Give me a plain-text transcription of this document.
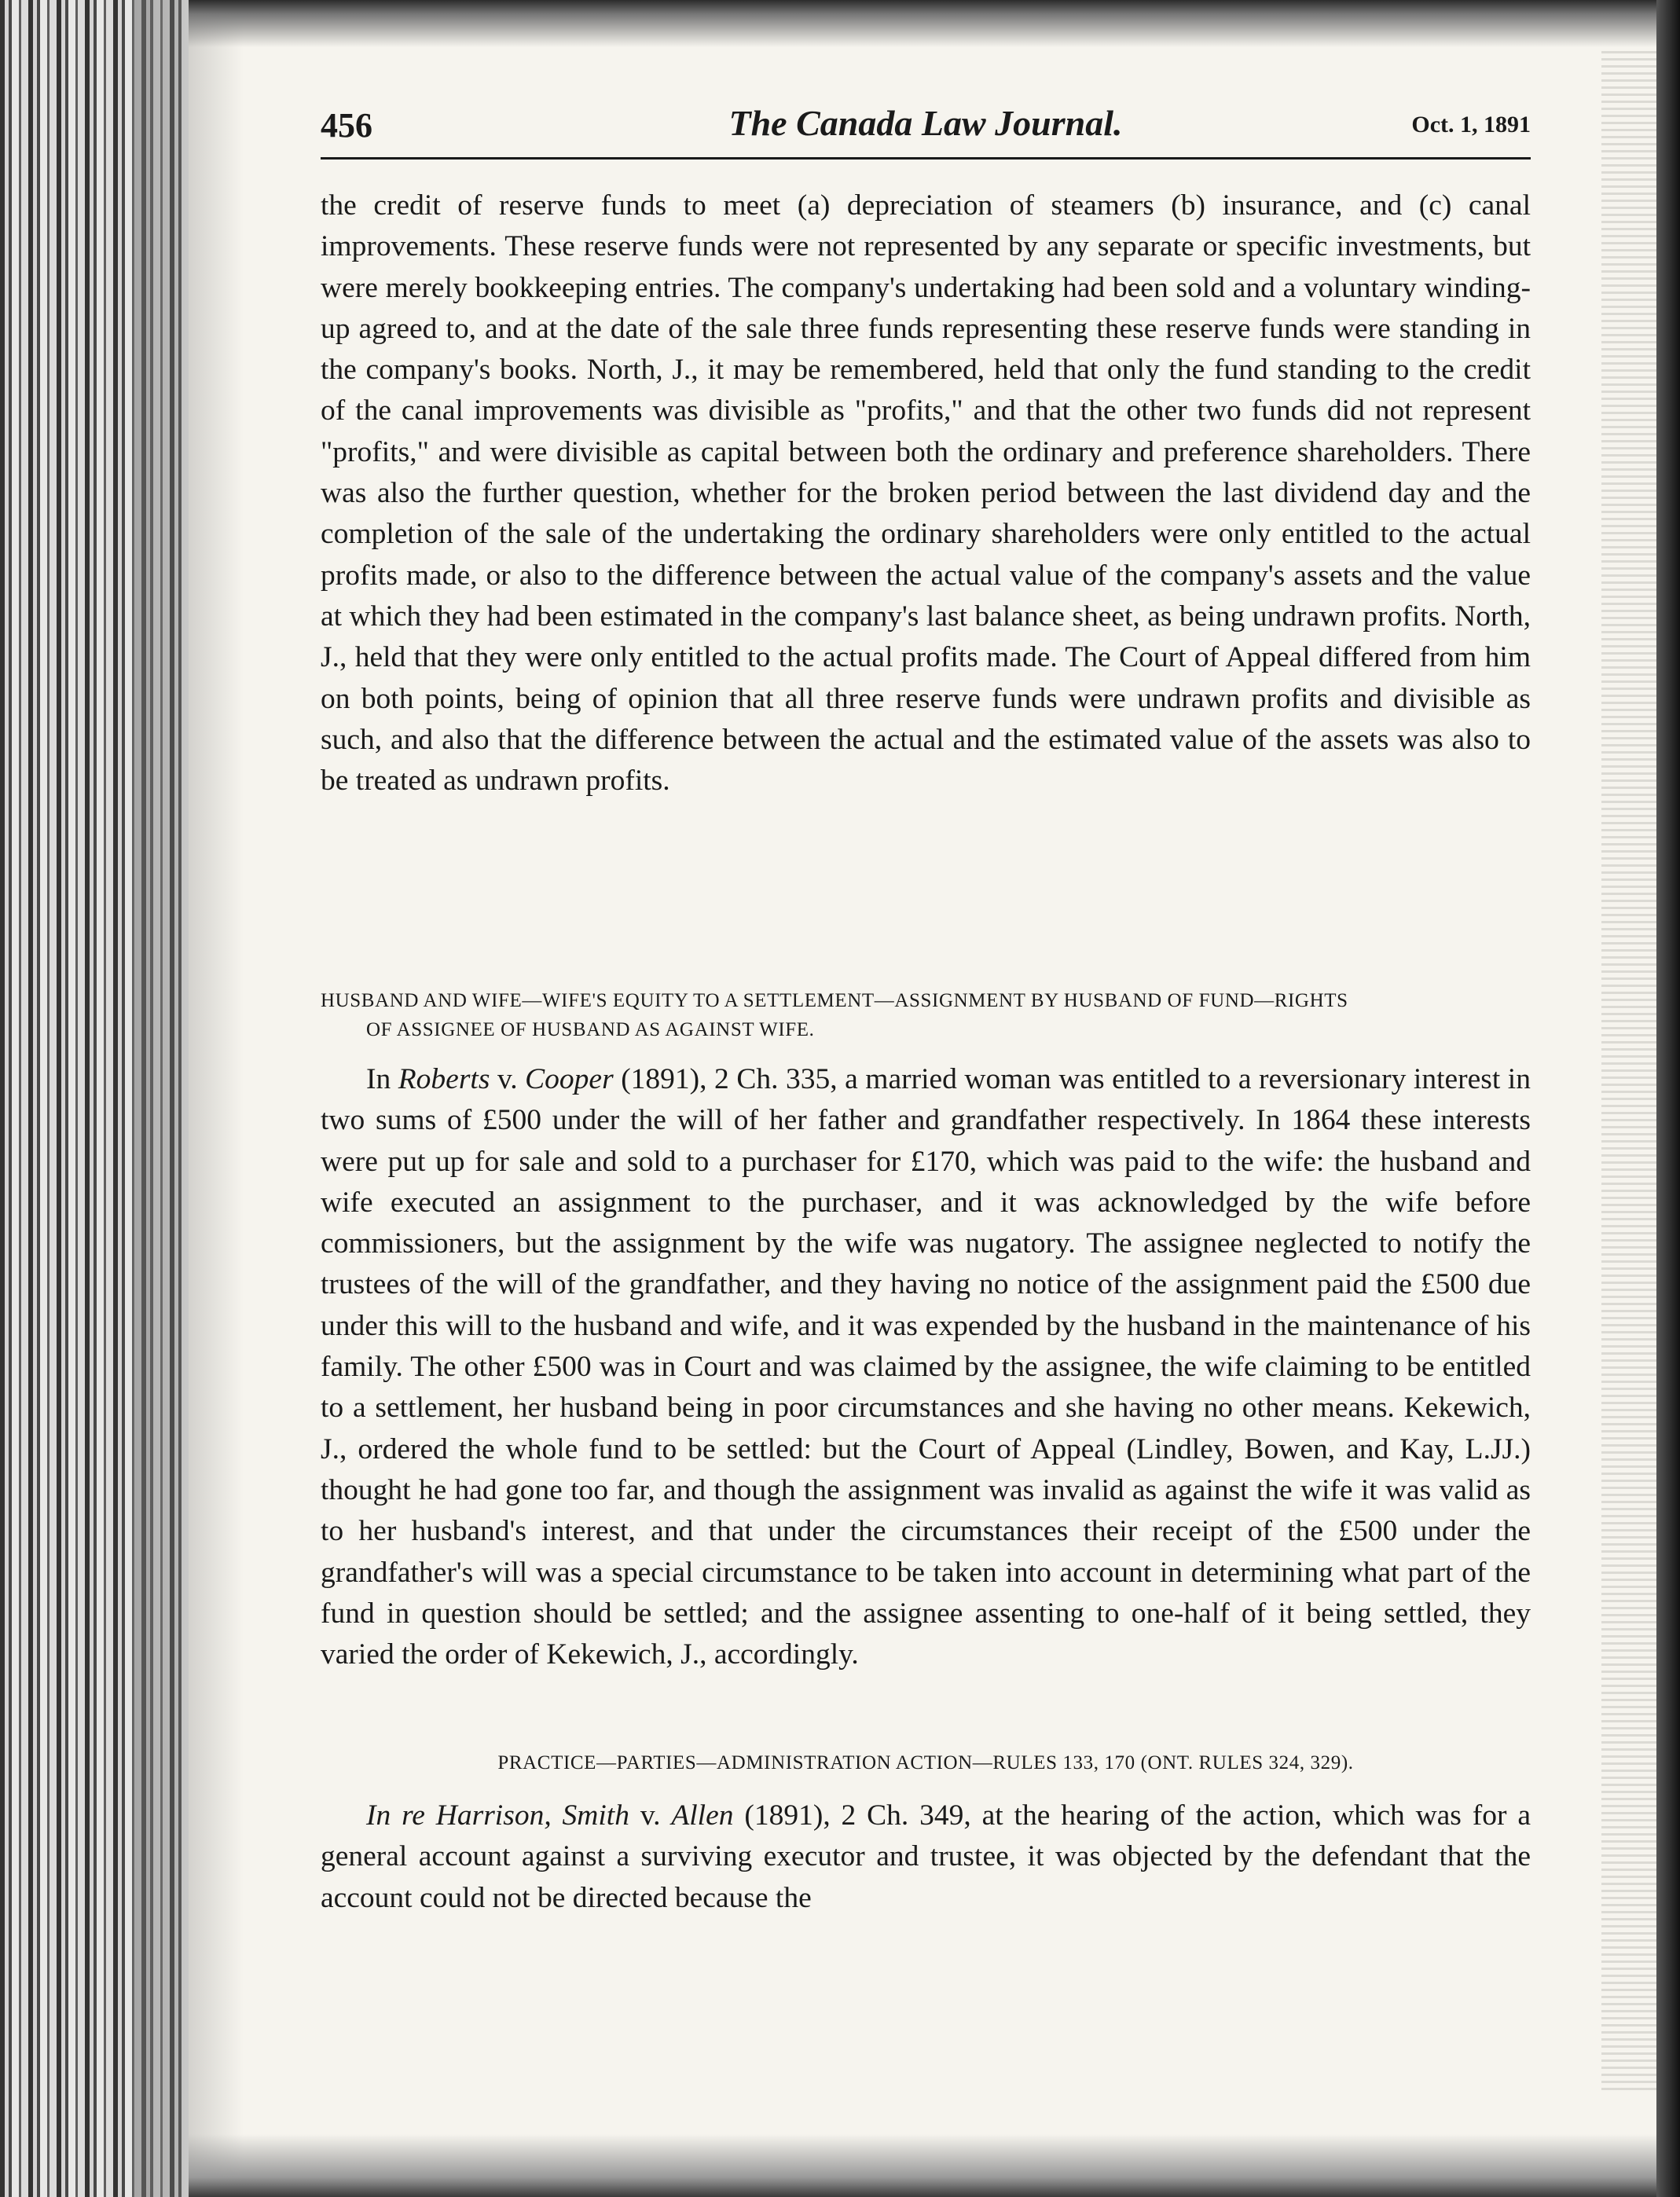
456	The Canada Law Journal.	Oct. 1, 1891

the credit of reserve funds to meet (a) depreciation of steamers (b) insurance, and (c) canal improvements. These reserve funds were not represented by any separate or specific investments, but were merely bookkeeping entries. The company's undertaking had been sold and a voluntary winding-up agreed to, and at the date of the sale three funds representing these reserve funds were standing in the company's books. North, J., it may be remembered, held that only the fund standing to the credit of the canal improvements was divisible as "profits," and that the other two funds did not represent "profits," and were divisible as capital between both the ordinary and preference shareholders. There was also the further question, whether for the broken period between the last dividend day and the completion of the sale of the undertaking the ordinary shareholders were only entitled to the actual profits made, or also to the difference between the actual value of the company's assets and the value at which they had been estimated in the company's last balance sheet, as being undrawn profits. North, J., held that they were only entitled to the actual profits made. The Court of Appeal differed from him on both points, being of opinion that all three reserve funds were undrawn profits and divisible as such, and also that the difference between the actual and the estimated value of the assets was also to be treated as undrawn profits.

HUSBAND AND WIFE—WIFE'S EQUITY TO A SETTLEMENT—ASSIGNMENT BY HUSBAND OF FUND—RIGHTS
OF ASSIGNEE OF HUSBAND AS AGAINST WIFE.

In Roberts v. Cooper (1891), 2 Ch. 335, a married woman was entitled to a reversionary interest in two sums of £500 under the will of her father and grandfather respectively. In 1864 these interests were put up for sale and sold to a purchaser for £170, which was paid to the wife: the husband and wife executed an assignment to the purchaser, and it was acknowledged by the wife before commissioners, but the assignment by the wife was nugatory. The assignee neglected to notify the trustees of the will of the grandfather, and they having no notice of the assignment paid the £500 due under this will to the husband and wife, and it was expended by the husband in the maintenance of his family. The other £500 was in Court and was claimed by the assignee, the wife claiming to be entitled to a settlement, her husband being in poor circumstances and she having no other means. Kekewich, J., ordered the whole fund to be settled: but the Court of Appeal (Lindley, Bowen, and Kay, L.JJ.) thought he had gone too far, and though the assignment was invalid as against the wife it was valid as to her husband's interest, and that under the circumstances their receipt of the £500 under the grandfather's will was a special circumstance to be taken into account in determining what part of the fund in question should be settled; and the assignee assenting to one-half of it being settled, they varied the order of Kekewich, J., accordingly.

PRACTICE—PARTIES—ADMINISTRATION ACTION—RULES 133, 170 (ONT. RULES 324, 329).

In re Harrison, Smith v. Allen (1891), 2 Ch. 349, at the hearing of the action, which was for a general account against a surviving executor and trustee, it was objected by the defendant that the account could not be directed because the
